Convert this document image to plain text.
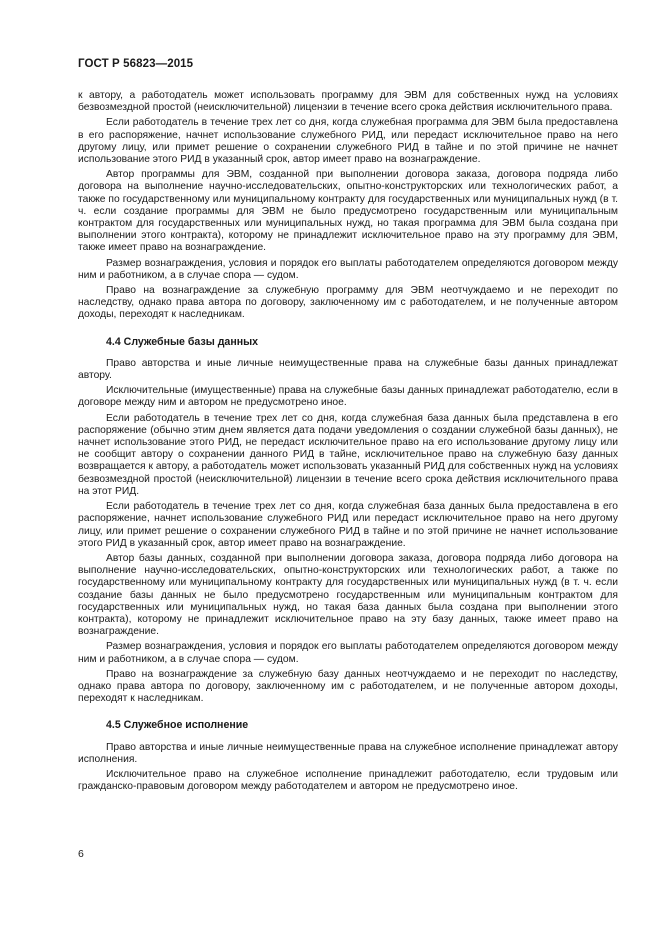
ГОСТ Р 56823—2015

к автору, а работодатель может использовать программу для ЭВМ для собственных нужд на условиях безвозмездной простой (неисключительной) лицензии в течение всего срока действия исключительного права.

Если работодатель в течение трех лет со дня, когда служебная программа для ЭВМ была предоставлена в его распоряжение, начнет использование служебного РИД, или передаст исключительное право на него другому лицу, или примет решение о сохранении служебного РИД в тайне и по этой причине не начнет использование этого РИД в указанный срок, автор имеет право на вознаграждение.

Автор программы для ЭВМ, созданной при выполнении договора заказа, договора подряда либо договора на выполнение научно-исследовательских, опытно-конструкторских или технологических работ, а также по государственному или муниципальному контракту для государственных или муниципальных нужд (в т. ч. если создание программы для ЭВМ не было предусмотрено государственным или муниципальным контрактом для государственных или муниципальных нужд, но такая программа для ЭВМ была создана при выполнении этого контракта), которому не принадлежит исключительное право на эту программу для ЭВМ, также имеет право на вознаграждение.

Размер вознаграждения, условия и порядок его выплаты работодателем определяются договором между ним и работником, а в случае спора — судом.

Право на вознаграждение за служебную программу для ЭВМ неотчуждаемо и не переходит по наследству, однако права автора по договору, заключенному им с работодателем, и не полученные автором доходы, переходят к наследникам.

4.4 Служебные базы данных

Право авторства и иные личные неимущественные права на служебные базы данных принадлежат автору.

Исключительные (имущественные) права на служебные базы данных принадлежат работодателю, если в договоре между ним и автором не предусмотрено иное.

Если работодатель в течение трех лет со дня, когда служебная база данных была представлена в его распоряжение (обычно этим днем является дата подачи уведомления о создании служебной базы данных), не начнет использование этого РИД, не передаст исключительное право на его использование другому лицу или не сообщит автору о сохранении данного РИД в тайне, исключительное право на служебную базу данных возвращается к автору, а работодатель может использовать указанный РИД для собственных нужд на условиях безвозмездной простой (неисключительной) лицензии в течение всего срока действия исключительного права на этот РИД.

Если работодатель в течение трех лет со дня, когда служебная база данных была предоставлена в его распоряжение, начнет использование служебного РИД или передаст исключительное право на него другому лицу, или примет решение о сохранении служебного РИД в тайне и по этой причине не начнет использование этого РИД в указанный срок, автор имеет право на вознаграждение.

Автор базы данных, созданной при выполнении договора заказа, договора подряда либо договора на выполнение научно-исследовательских, опытно-конструкторских или технологических работ, а также по государственному или муниципальному контракту для государственных или муниципальных нужд (в т. ч. если создание базы данных не было предусмотрено государственным или муниципальным контрактом для государственных или муниципальных нужд, но такая база данных была создана при выполнении этого контракта), которому не принадлежит исключительное право на эту базу данных, также имеет право на вознаграждение.

Размер вознаграждения, условия и порядок его выплаты работодателем определяются договором между ним и работником, а в случае спора — судом.

Право на вознаграждение за служебную базу данных неотчуждаемо и не переходит по наследству, однако права автора по договору, заключенному им с работодателем, и не полученные автором доходы, переходят к наследникам.

4.5 Служебное исполнение

Право авторства и иные личные неимущественные права на служебное исполнение принадлежат автору исполнения.

Исключительное право на служебное исполнение принадлежит работодателю, если трудовым или гражданско-правовым договором между работодателем и автором не предусмотрено иное.

6
